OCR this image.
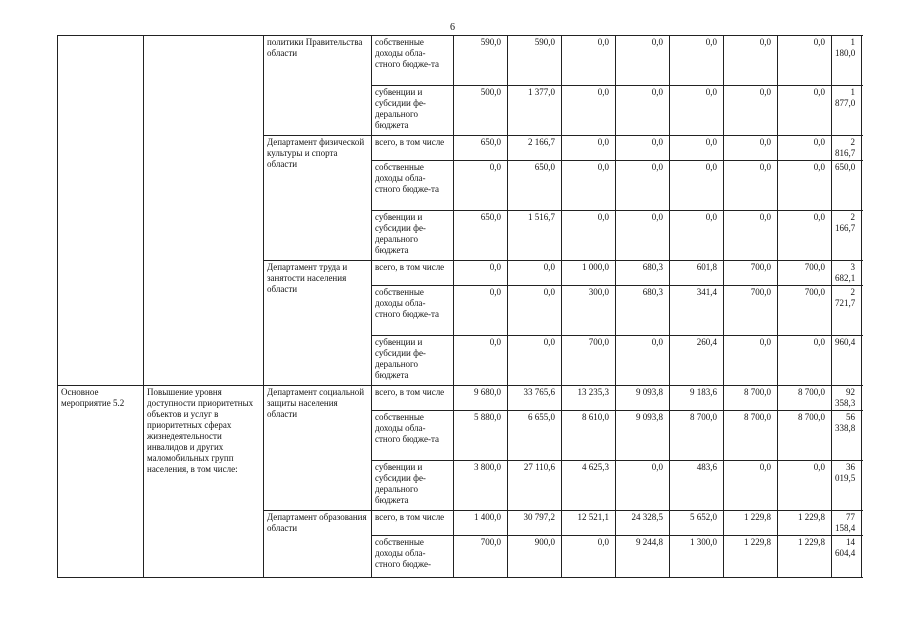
6
		политики Правительства области	собственные доходы обла-стного бюдже-та	590,0	590,0	0,0	0,0	0,0	0,0	0,0	1 180,0
			субвенции и субсидии фе-дерального бюджета	500,0	1 377,0	0,0	0,0	0,0	0,0	0,0	1 877,0
		Департамент физической культуры и спорта области	всего, в том числе	650,0	2 166,7	0,0	0,0	0,0	0,0	0,0	2 816,7
			собственные доходы обла-стного бюдже-та	0,0	650,0	0,0	0,0	0,0	0,0	0,0	650,0
			субвенции и субсидии фе-дерального бюджета	650,0	1 516,7	0,0	0,0	0,0	0,0	0,0	2 166,7
		Департамент труда и занятости населения области	всего, в том числе	0,0	0,0	1 000,0	680,3	601,8	700,0	700,0	3 682,1
			собственные доходы обла-стного бюдже-та	0,0	0,0	300,0	680,3	341,4	700,0	700,0	2 721,7
			субвенции и субсидии фе-дерального бюджета	0,0	0,0	700,0	0,0	260,4	0,0	0,0	960,4
Основное мероприятие 5.2	Повышение уровня доступности приоритетных объектов и услуг в приоритетных сферах жизнедеятельности инвалидов и других маломобильных групп населения, в том числе:	Департамент социальной защиты населения области	всего, в том числе	9 680,0	33 765,6	13 235,3	9 093,8	9 183,6	8 700,0	8 700,0	92 358,3
			собственные доходы обла-стного бюдже-та	5 880,0	6 655,0	8 610,0	9 093,8	8 700,0	8 700,0	8 700,0	56 338,8
			субвенции и субсидии фе-дерального бюджета	3 800,0	27 110,6	4 625,3	0,0	483,6	0,0	0,0	36 019,5
		Департамент образования области	всего, в том числе	1 400,0	30 797,2	12 521,1	24 328,5	5 652,0	1 229,8	1 229,8	77 158,4
			собственные доходы обла-стного бюдже-	700,0	900,0	0,0	9 244,8	1 300,0	1 229,8	1 229,8	14 604,4
